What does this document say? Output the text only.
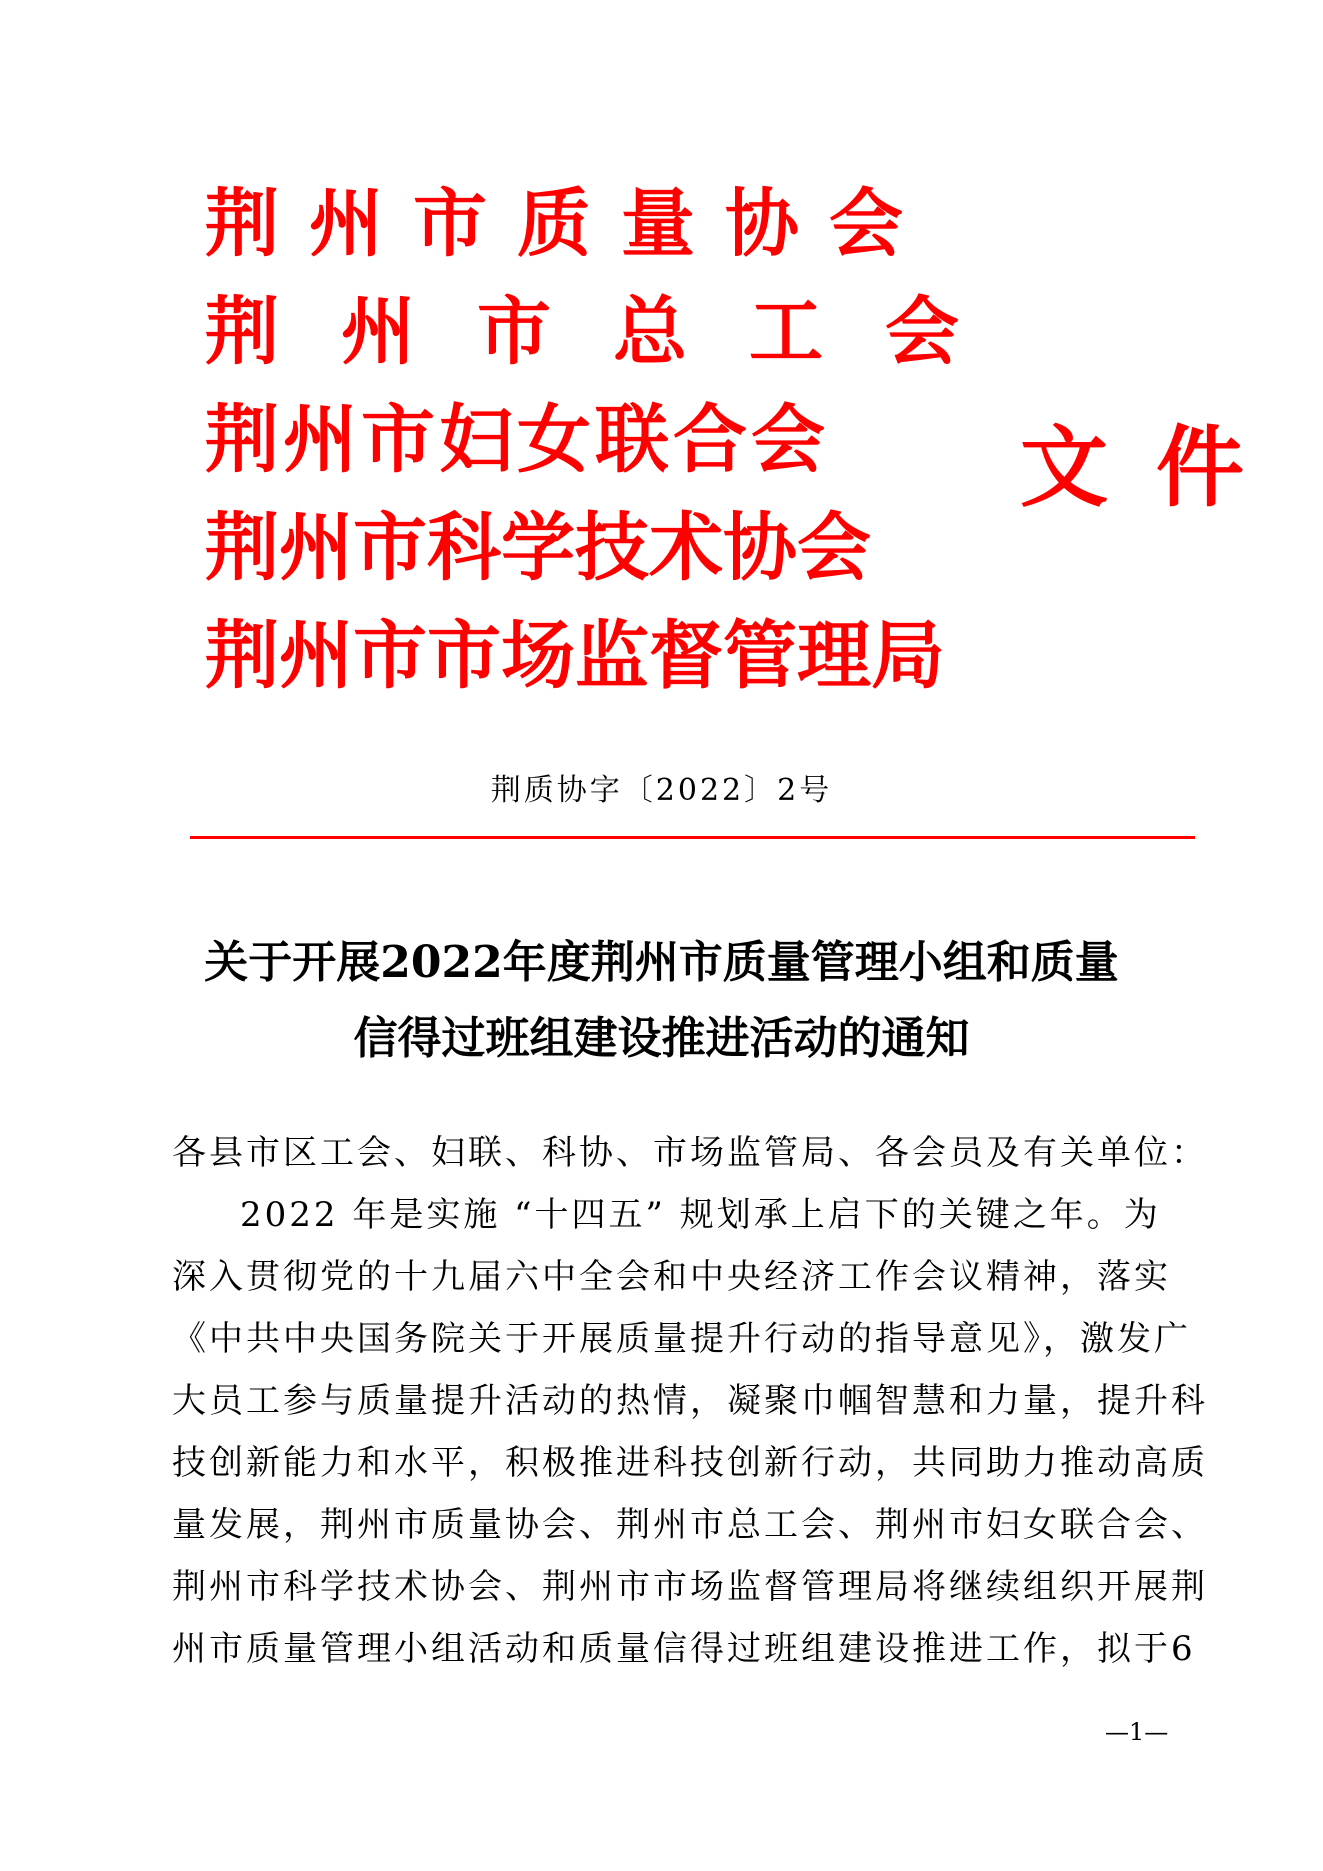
荆州市质量协会
荆州市总工会
荆州市妇女联合会
荆州市科学技术协会
荆州市市场监督管理局
文件
荆质协字〔2022〕2号
关于开展2022年度荆州市质量管理小组和质量
信得过班组建设推进活动的通知
各县市区工会、妇联、科协、市场监管局、各会员及有关单位：
2022 年是实施 “十四五” 规划承上启下的关键之年。为
深入贯彻党的十九届六中全会和中央经济工作会议精神，落实
《中共中央国务院关于开展质量提升行动的指导意见》，激发广
大员工参与质量提升活动的热情，凝聚巾帼智慧和力量，提升科
技创新能力和水平，积极推进科技创新行动，共同助力推动高质
量发展，荆州市质量协会、荆州市总工会、荆州市妇女联合会、
荆州市科学技术协会、荆州市市场监督管理局将继续组织开展荆
州市质量管理小组活动和质量信得过班组建设推进工作，拟于6
—1—
